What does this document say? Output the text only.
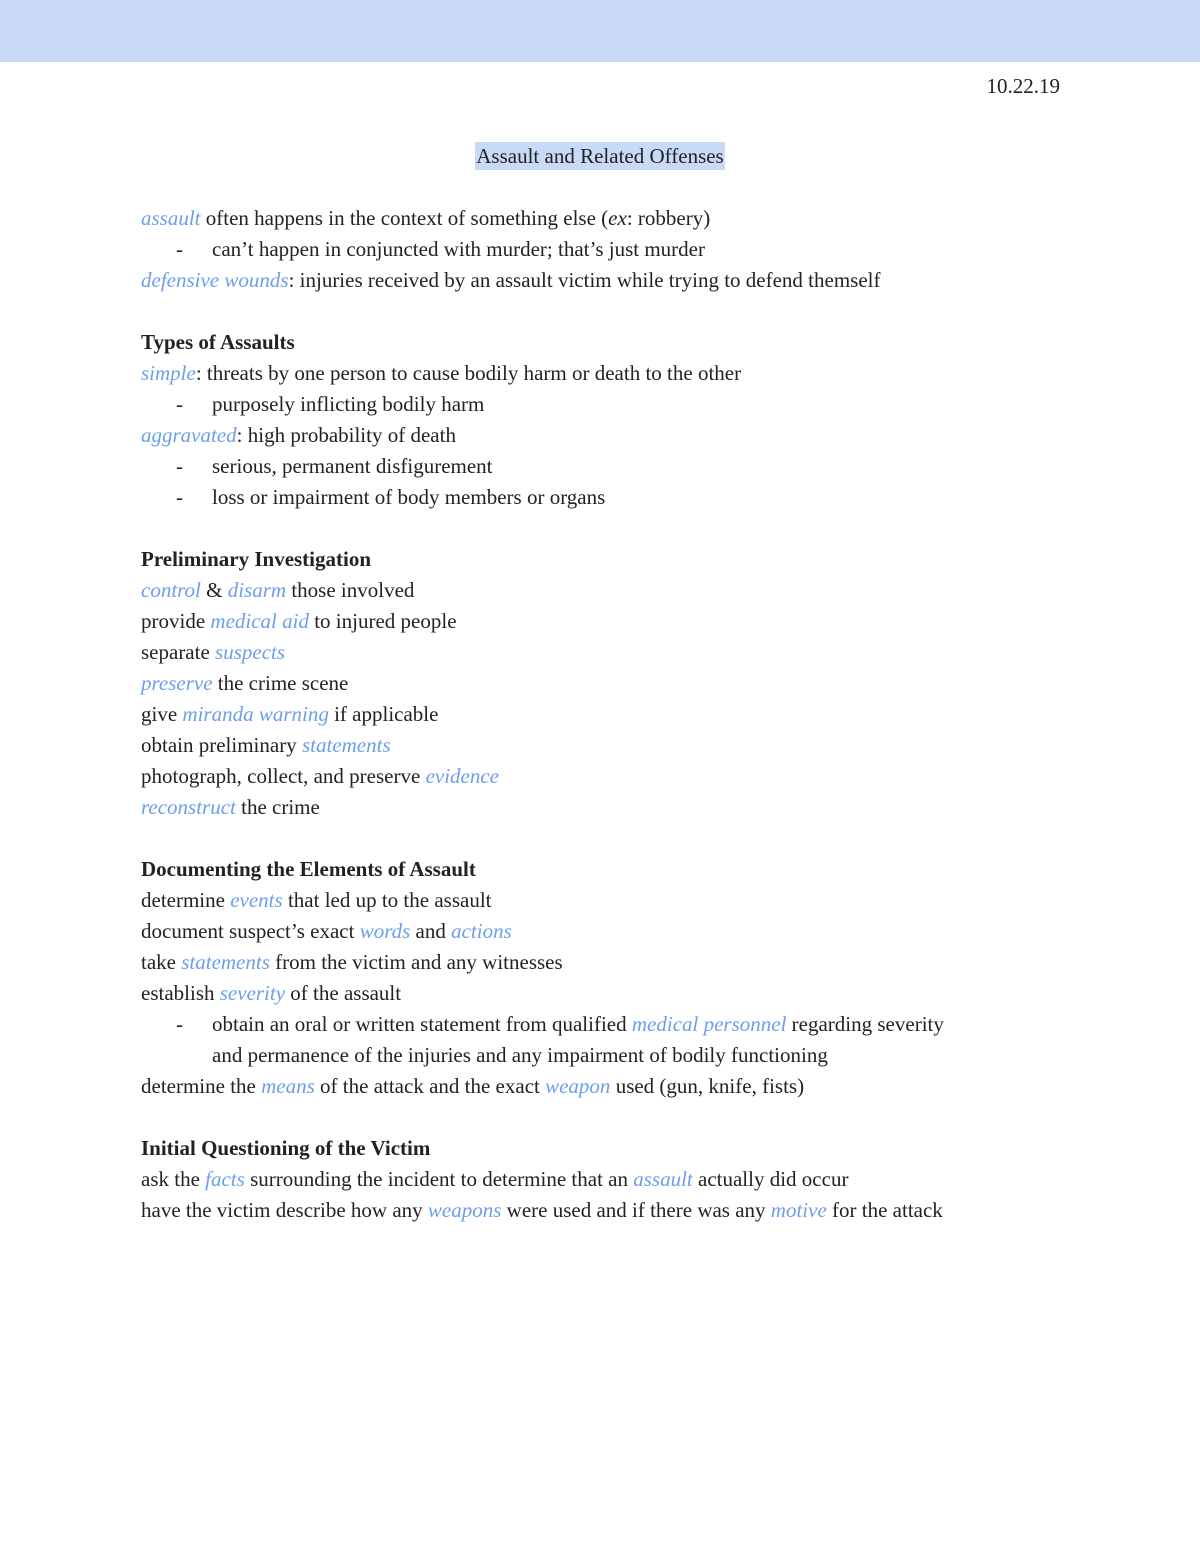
10.22.19
Assault and Related Offenses
assault often happens in the context of something else (ex: robbery)
- can’t happen in conjuncted with murder; that’s just murder
defensive wounds: injuries received by an assault victim while trying to defend themself
Types of Assaults
simple: threats by one person to cause bodily harm or death to the other
- purposely inflicting bodily harm
aggravated: high probability of death
- serious, permanent disfigurement
- loss or impairment of body members or organs
Preliminary Investigation
control & disarm those involved
provide medical aid to injured people
separate suspects
preserve the crime scene
give miranda warning if applicable
obtain preliminary statements
photograph, collect, and preserve evidence
reconstruct the crime
Documenting the Elements of Assault
determine events that led up to the assault
document suspect’s exact words and actions
take statements from the victim and any witnesses
establish severity of the assault
- obtain an oral or written statement from qualified medical personnel regarding severity
and permanence of the injuries and any impairment of bodily functioning
determine the means of the attack and the exact weapon used (gun, knife, fists)
Initial Questioning of the Victim
ask the facts surrounding the incident to determine that an assault actually did occur
have the victim describe how any weapons were used and if there was any motive for the attack
